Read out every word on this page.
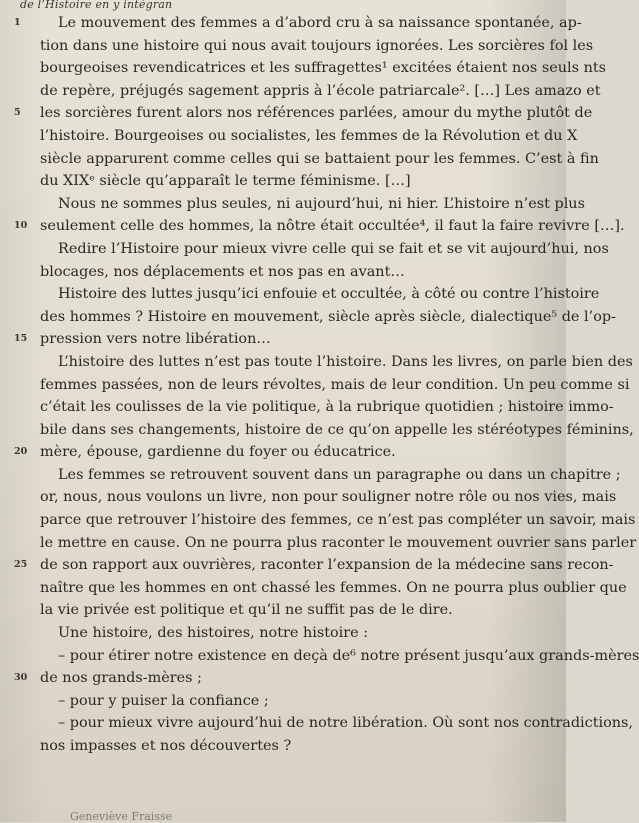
de l’Histoire en y intégran
1	Le mouvement des femmes a d’abord cru à sa naissance spontanée, ap-
tion dans une histoire qui nous avait toujours ignorées. Les sorcières fol les
bourgeoises revendicatrices et les suffragettes¹ excitées étaient nos seuls nts
de repère, préjugés sagement appris à l’école patriarcale². […] Les amazo et
5	les sorcières furent alors nos références parlées, amour du mythe plutôt de
l’histoire. Bourgeoises ou socialistes, les femmes de la Révolution et du X
siècle apparurent comme celles qui se battaient pour les femmes. C’est à fin
du XIXᵉ siècle qu’apparaît le terme féminisme. […]
Nous ne sommes plus seules, ni aujourd’hui, ni hier. L’histoire n’est plus
10 seulement celle des hommes, la nôtre était occultée⁴, il faut la faire revivre […].
Redire l’Histoire pour mieux vivre celle qui se fait et se vit aujourd’hui, nos
blocages, nos déplacements et nos pas en avant…
Histoire des luttes jusqu’ici enfouie et occultée, à côté ou contre l’histoire
des hommes ? Histoire en mouvement, siècle après siècle, dialectique⁵ de l’op-
15 pression vers notre libération…
L’histoire des luttes n’est pas toute l’histoire. Dans les livres, on parle bien des
femmes passées, non de leurs révoltes, mais de leur condition. Un peu comme si
c’était les coulisses de la vie politique, à la rubrique quotidien ; histoire immo-
bile dans ses changements, histoire de ce qu’on appelle les stéréotypes féminins,
20 mère, épouse, gardienne du foyer ou éducatrice.
Les femmes se retrouvent souvent dans un paragraphe ou dans un chapitre ;
or, nous, nous voulons un livre, non pour souligner notre rôle ou nos vies, mais
parce que retrouver l’histoire des femmes, ce n’est pas compléter un savoir, mais
le mettre en cause. On ne pourra plus raconter le mouvement ouvrier sans parler
25 de son rapport aux ouvrières, raconter l’expansion de la médecine sans recon-
naître que les hommes en ont chassé les femmes. On ne pourra plus oublier que
la vie privée est politique et qu’il ne suffit pas de le dire.
Une histoire, des histoires, notre histoire :
– pour étirer notre existence en deçà de⁶ notre présent jusqu’aux grands-mères
30 de nos grands-mères ;
– pour y puiser la confiance ;
– pour mieux vivre aujourd’hui de notre libération. Où sont nos contradictions,
nos impasses et nos découvertes ?
Geneviève Fraisse
